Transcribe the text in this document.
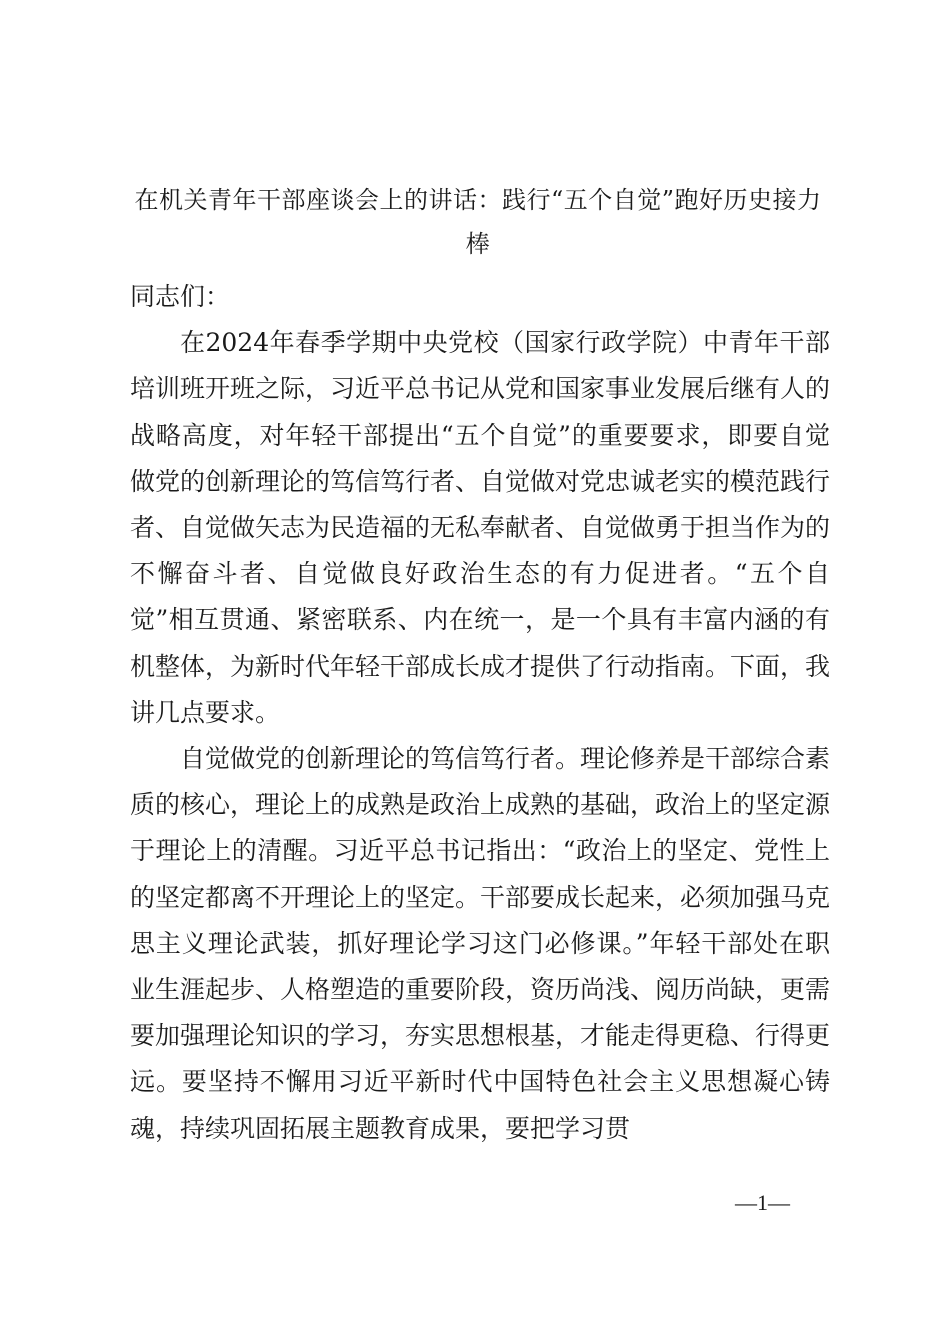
在机关青年干部座谈会上的讲话：践行“五个自觉”跑好历史接力棒

同志们：

在2024年春季学期中央党校（国家行政学院）中青年干部培训班开班之际，习近平总书记从党和国家事业发展后继有人的战略高度，对年轻干部提出“五个自觉”的重要要求，即要自觉做党的创新理论的笃信笃行者、自觉做对党忠诚老实的模范践行者、自觉做矢志为民造福的无私奉献者、自觉做勇于担当作为的不懈奋斗者、自觉做良好政治生态的有力促进者。“五个自觉”相互贯通、紧密联系、内在统一，是一个具有丰富内涵的有机整体，为新时代年轻干部成长成才提供了行动指南。下面，我讲几点要求。

自觉做党的创新理论的笃信笃行者。理论修养是干部综合素质的核心，理论上的成熟是政治上成熟的基础，政治上的坚定源于理论上的清醒。习近平总书记指出：“政治上的坚定、党性上的坚定都离不开理论上的坚定。干部要成长起来，必须加强马克思主义理论武装，抓好理论学习这门必修课。”年轻干部处在职业生涯起步、人格塑造的重要阶段，资历尚浅、阅历尚缺，更需要加强理论知识的学习，夯实思想根基，才能走得更稳、行得更远。要坚持不懈用习近平新时代中国特色社会主义思想凝心铸魂，持续巩固拓展主题教育成果，要把学习贯

—1—
